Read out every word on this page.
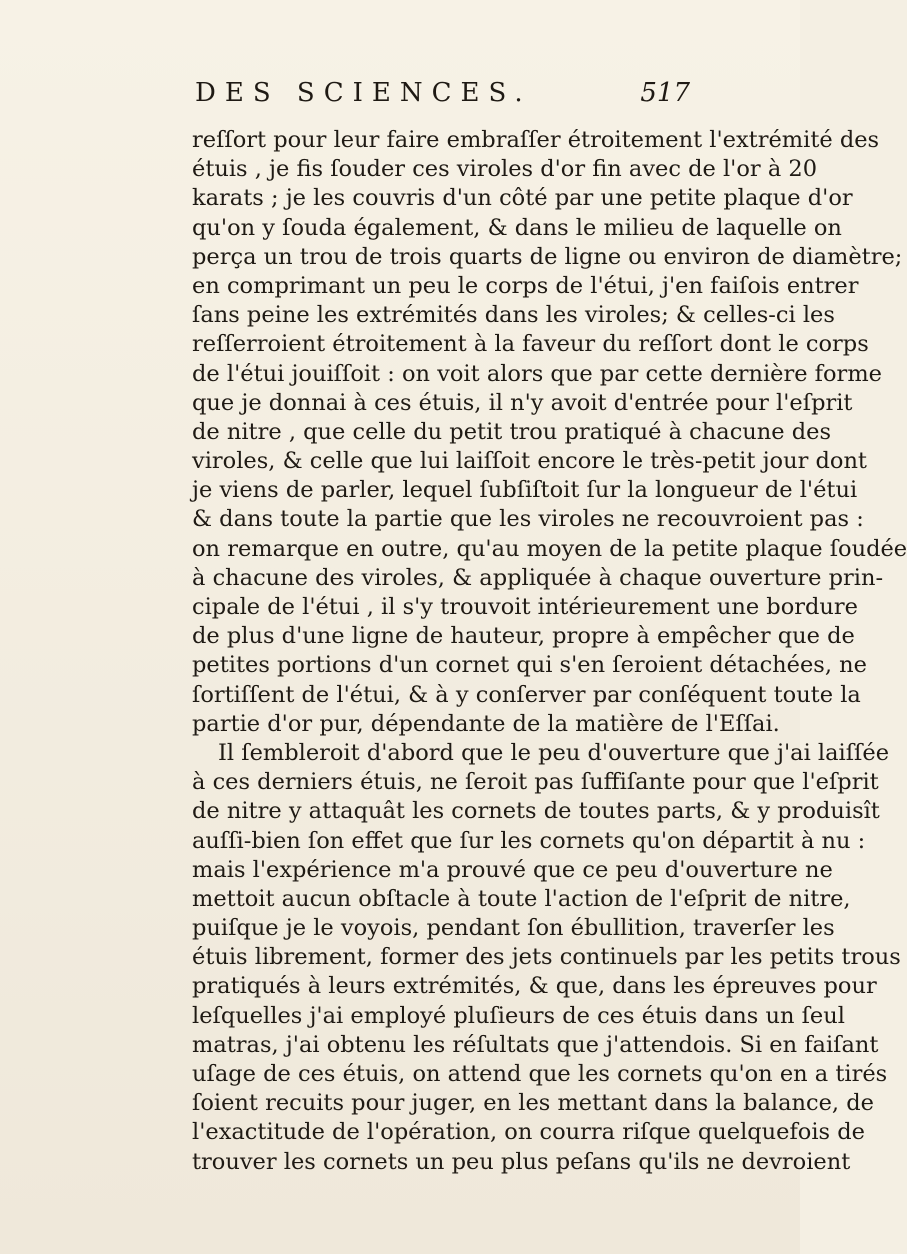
DES SCIENCES.	517
reſſort pour leur faire embraſſer étroitement l'extrémité des
étuis , je fis ſouder ces viroles d'or fin avec de l'or à 20
karats ; je les couvris d'un côté par une petite plaque d'or
qu'on y ſouda également, & dans le milieu de laquelle on
perça un trou de trois quarts de ligne ou environ de diamètre;
en comprimant un peu le corps de l'étui, j'en faiſois entrer
ſans peine les extrémités dans les viroles; & celles-ci les
reſſerroient étroitement à la faveur du reſſort dont le corps
de l'étui jouiſſoit : on voit alors que par cette dernière forme
que je donnai à ces étuis, il n'y avoit d'entrée pour l'eſprit
de nitre , que celle du petit trou pratiqué à chacune des
viroles, & celle que lui laiſſoit encore le très-petit jour dont
je viens de parler, lequel ſubſiſtoit ſur la longueur de l'étui
& dans toute la partie que les viroles ne recouvroient pas :
on remarque en outre, qu'au moyen de la petite plaque ſoudée
à chacune des viroles, & appliquée à chaque ouverture prin-
cipale de l'étui , il s'y trouvoit intérieurement une bordure
de plus d'une ligne de hauteur, propre à empêcher que de
petites portions d'un cornet qui s'en ſeroient détachées, ne
ſortiſſent de l'étui, & à y conſerver par conſéquent toute la
partie d'or pur, dépendante de la matière de l'Eſſai.
Il ſembleroit d'abord que le peu d'ouverture que j'ai laiſſée
à ces derniers étuis, ne ſeroit pas ſuffiſante pour que l'eſprit
de nitre y attaquât les cornets de toutes parts, & y produisît
auſſi-bien ſon effet que ſur les cornets qu'on départit à nu :
mais l'expérience m'a prouvé que ce peu d'ouverture ne
mettoit aucun obſtacle à toute l'action de l'eſprit de nitre,
puiſque je le voyois, pendant ſon ébullition, traverſer les
étuis librement, former des jets continuels par les petits trous
pratiqués à leurs extrémités, & que, dans les épreuves pour
leſquelles j'ai employé pluſieurs de ces étuis dans un ſeul
matras, j'ai obtenu les réſultats que j'attendois. Si en faiſant
uſage de ces étuis, on attend que les cornets qu'on en a tirés
ſoient recuits pour juger, en les mettant dans la balance, de
l'exactitude de l'opération, on courra riſque quelquefois de
trouver les cornets un peu plus peſans qu'ils ne devroient
